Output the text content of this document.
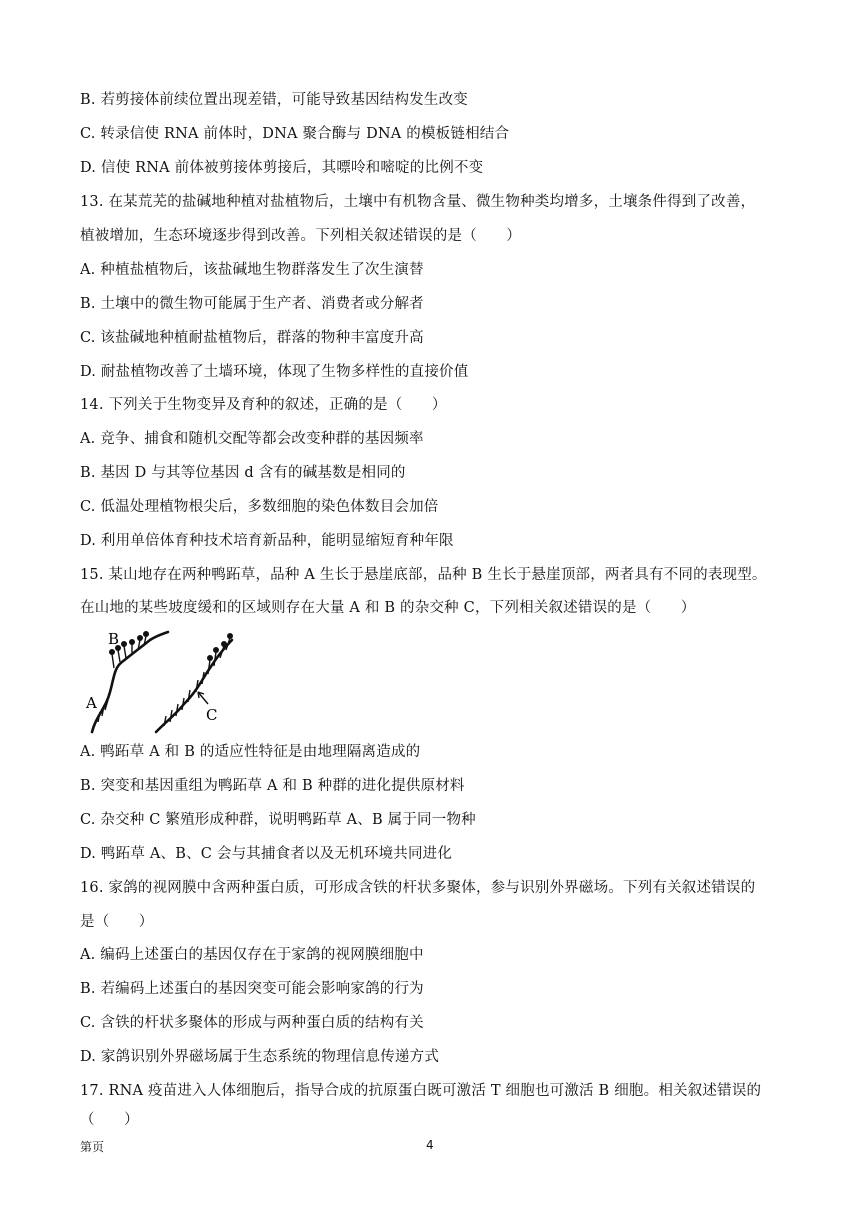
B. 若剪接体前续位置出现差错，可能导致基因结构发生改变
C. 转录信使 RNA 前体时，DNA 聚合酶与 DNA 的模板链相结合
D. 信使 RNA 前体被剪接体剪接后，其嘌呤和嘧啶的比例不变
13. 在某荒芜的盐碱地种植对盐植物后，土壤中有机物含量、微生物种类均增多，土壤条件得到了改善，
植被增加，生态环境逐步得到改善。下列相关叙述错误的是（　　）
A. 种植盐植物后，该盐碱地生物群落发生了次生演替
B. 土壤中的微生物可能属于生产者、消费者或分解者
C. 该盐碱地种植耐盐植物后，群落的物种丰富度升高
D. 耐盐植物改善了土墙环境，体现了生物多样性的直接价值
14. 下列关于生物变异及育种的叙述，正确的是（　　）
A. 竞争、捕食和随机交配等都会改变种群的基因频率
B. 基因 D 与其等位基因 d 含有的碱基数是相同的
C. 低温处理植物根尖后，多数细胞的染色体数目会加倍
D. 利用单倍体育种技术培育新品种，能明显缩短育种年限
15. 某山地存在两种鸭跖草，品种 A 生长于悬崖底部，品种 B 生长于悬崖顶部，两者具有不同的表现型。
在山地的某些坡度缓和的区域则存在大量 A 和 B 的杂交种 C，下列相关叙述错误的是（　　）
A
B
C
A. 鸭跖草 A 和 B 的适应性特征是由地理隔离造成的
B. 突变和基因重组为鸭跖草 A 和 B 种群的进化提供原材料
C. 杂交种 C 繁殖形成种群，说明鸭跖草 A、B 属于同一物种
D. 鸭跖草 A、B、C 会与其捕食者以及无机环境共同进化
16. 家鸽的视网膜中含两种蛋白质，可形成含铁的杆状多聚体，参与识别外界磁场。下列有关叙述错误的
是（　　）
A. 编码上述蛋白的基因仅存在于家鸽的视网膜细胞中
B. 若编码上述蛋白的基因突变可能会影响家鸽的行为
C. 含铁的杆状多聚体的形成与两种蛋白质的结构有关
D. 家鸽识别外界磁场属于生态系统的物理信息传递方式
17. RNA 疫苗进入人体细胞后，指导合成的抗原蛋白既可激活 T 细胞也可激活 B 细胞。相关叙述错误的
（　　）
第页	4
